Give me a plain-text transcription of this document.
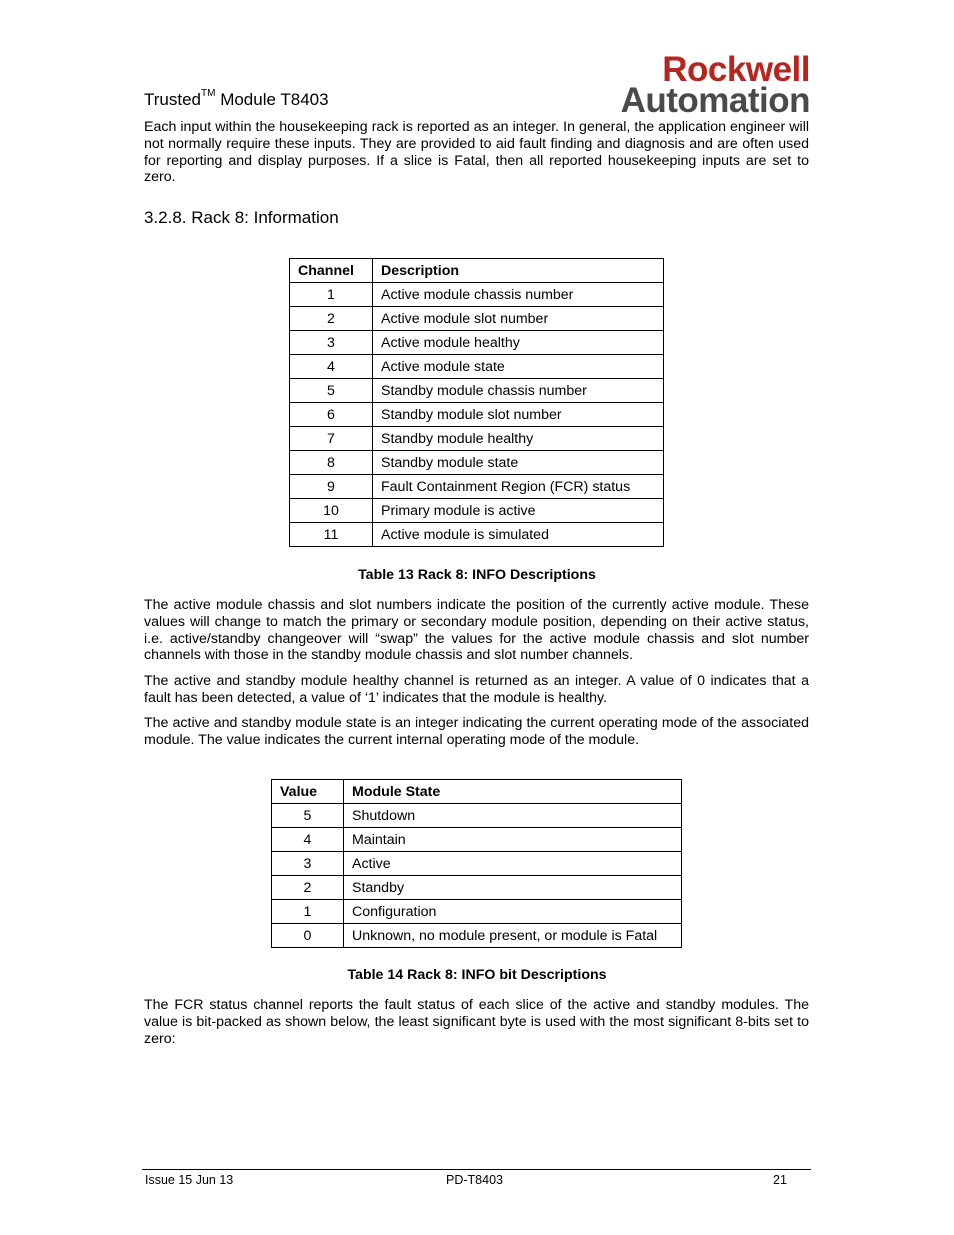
Trusted™ Module T8403
Rockwell
Automation

Each input within the housekeeping rack is reported as an integer. In general, the application engineer will not normally require these inputs. They are provided to aid fault finding and diagnosis and are often used for reporting and display purposes. If a slice is Fatal, then all reported housekeeping inputs are set to zero.

3.2.8. Rack 8: Information
Channel	Description
1	Active module chassis number
2	Active module slot number
3	Active module healthy
4	Active module state
5	Standby module chassis number
6	Standby module slot number
7	Standby module healthy
8	Standby module state
9	Fault Containment Region (FCR) status
10	Primary module is active
11	Active module is simulated
Table 13 Rack 8: INFO Descriptions

The active module chassis and slot numbers indicate the position of the currently active module. These values will change to match the primary or secondary module position, depending on their active status, i.e. active/standby changeover will “swap” the values for the active module chassis and slot number channels with those in the standby module chassis and slot number channels.

The active and standby module healthy channel is returned as an integer. A value of 0 indicates that a fault has been detected, a value of ‘1’ indicates that the module is healthy.

The active and standby module state is an integer indicating the current operating mode of the associated module. The value indicates the current internal operating mode of the module.

Value	Module State
5	Shutdown
4	Maintain
3	Active
2	Standby
1	Configuration
0	Unknown, no module present, or module is Fatal
Table 14 Rack 8: INFO bit Descriptions

The FCR status channel reports the fault status of each slice of the active and standby modules. The value is bit-packed as shown below, the least significant byte is used with the most significant 8-bits set to zero:

Issue 15 Jun 13	PD-T8403	21
